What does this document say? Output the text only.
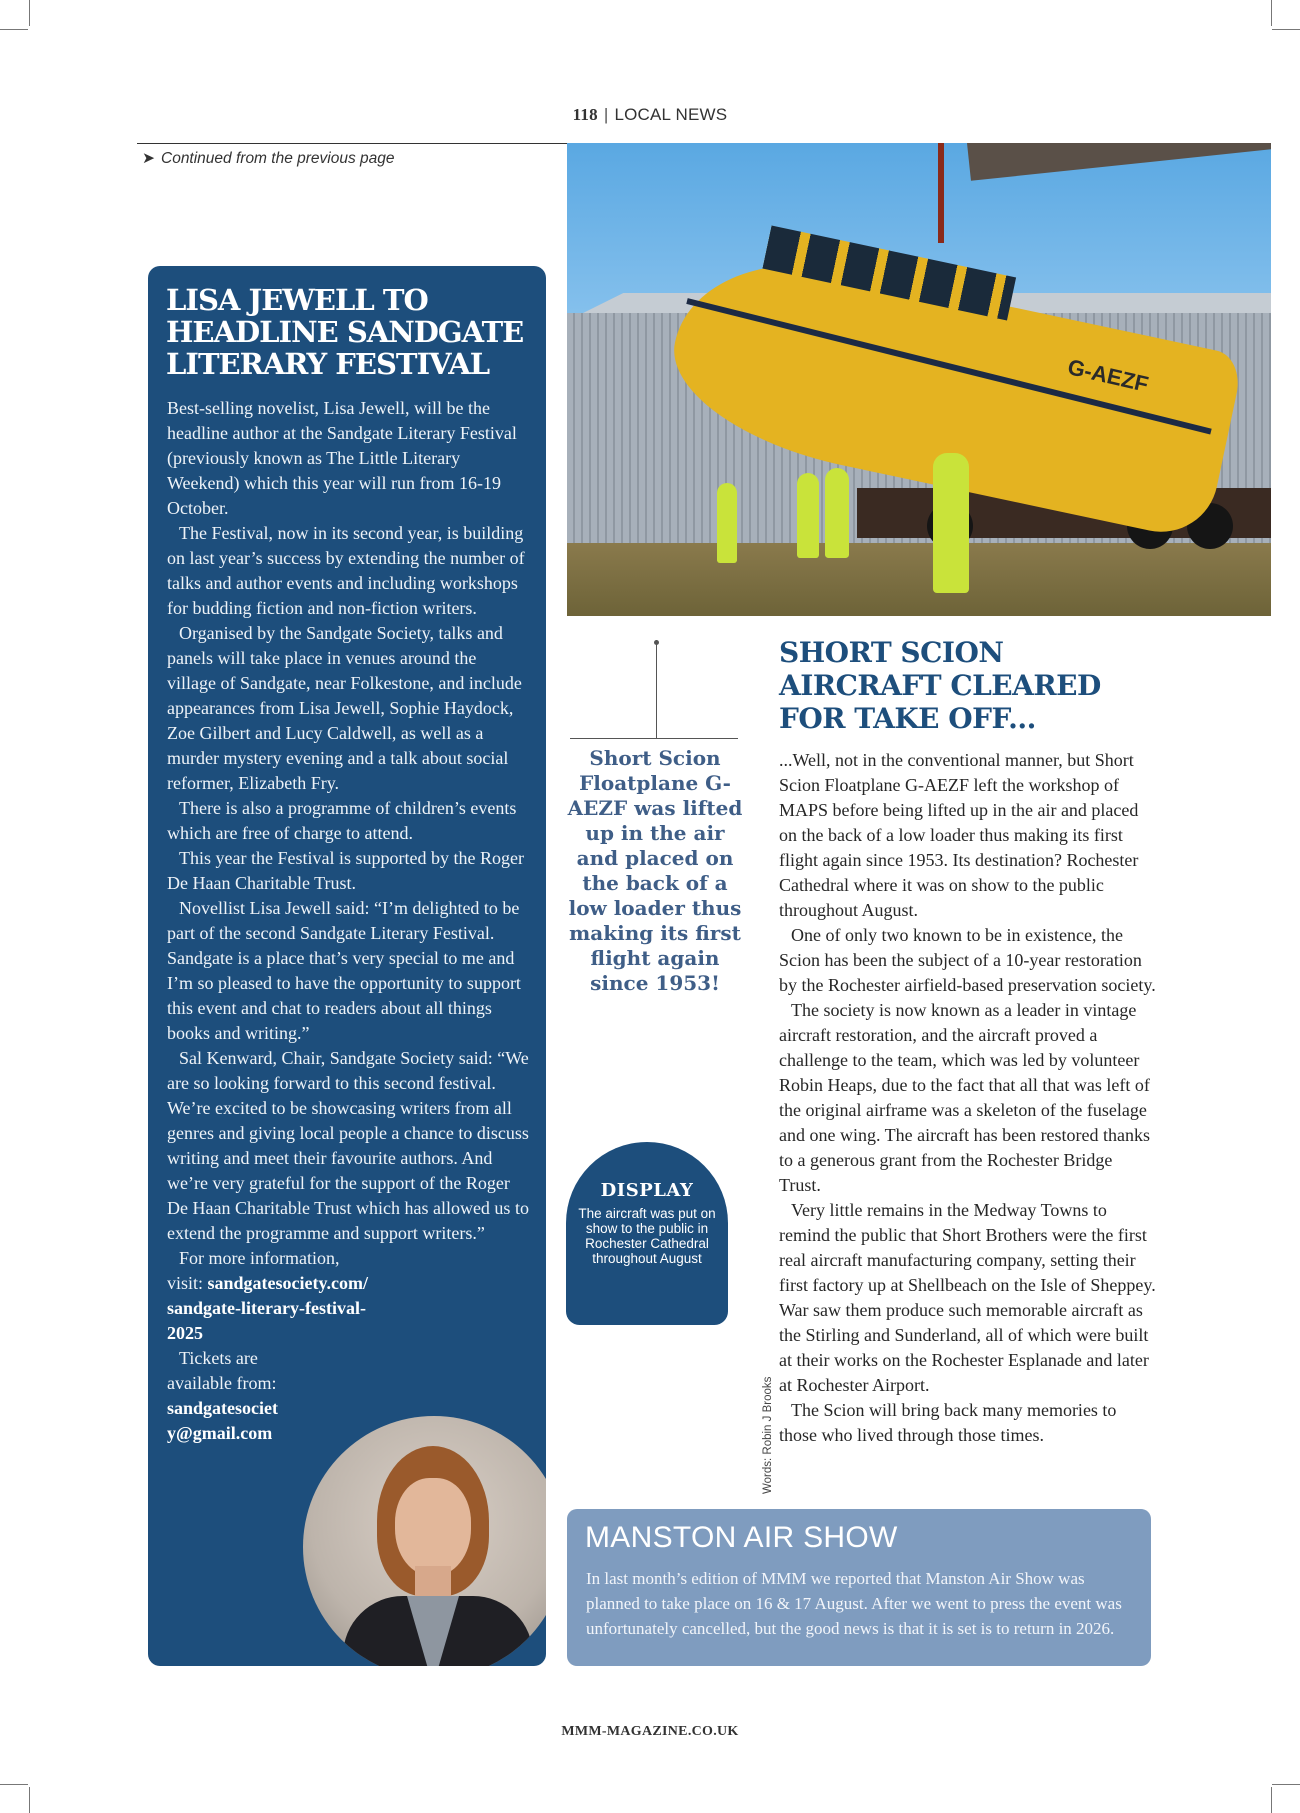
118 | LOCAL NEWS
➤ Continued from the previous page
LISA JEWELL TO HEADLINE SANDGATE LITERARY FESTIVAL

Best-selling novelist, Lisa Jewell, will be the headline author at the Sandgate Literary Festival (previously known as The Little Literary Weekend) which this year will run from 16-19 October.

The Festival, now in its second year, is building on last year’s success by extending the number of talks and author events and including workshops for budding fiction and non-fiction writers.

Organised by the Sandgate Society, talks and panels will take place in venues around the village of Sandgate, near Folkestone, and include appearances from Lisa Jewell, Sophie Haydock, Zoe Gilbert and Lucy Caldwell, as well as a murder mystery evening and a talk about social reformer, Elizabeth Fry.

There is also a programme of children’s events which are free of charge to attend.

This year the Festival is supported by the Roger De Haan Charitable Trust.

Novellist Lisa Jewell said: “I’m delighted to be part of the second Sandgate Literary Festival. Sandgate is a place that’s very special to me and I’m so pleased to have the opportunity to support this event and chat to readers about all things books and writing.”

Sal Kenward, Chair, Sandgate Society said: “We are so looking forward to this second festival. We’re excited to be showcasing writers from all genres and giving local people a chance to discuss writing and meet their favourite authors. And we’re very grateful for the support of the Roger De Haan Charitable Trust which has allowed us to extend the programme and support writers.”

For more information, visit: sandgatesociety.com/sandgate-literary-festival-2025

Tickets are available from: sandgatesociety@gmail.com

G-AEZF
Short Scion Floatplane G-AEZF was lifted up in the air and placed on the back of a low loader thus making its first flight again since 1953!
DISPLAY
The aircraft was put on show to the public in Rochester Cathedral throughout August
Words: Robin J Brooks
SHORT SCION AIRCRAFT CLEARED FOR TAKE OFF...

...Well, not in the conventional manner, but Short Scion Floatplane G-AEZF left the workshop of MAPS before being lifted up in the air and placed on the back of a low loader thus making its first flight again since 1953. Its destination? Rochester Cathedral where it was on show to the public throughout August.

One of only two known to be in existence, the Scion has been the subject of a 10-year restoration by the Rochester airfield-based preservation society.

The society is now known as a leader in vintage aircraft restoration, and the aircraft proved a challenge to the team, which was led by volunteer Robin Heaps, due to the fact that all that was left of the original airframe was a skeleton of the fuselage and one wing. The aircraft has been restored thanks to a generous grant from the Rochester Bridge Trust.

Very little remains in the Medway Towns to remind the public that Short Brothers were the first real aircraft manufacturing company, setting their first factory up at Shellbeach on the Isle of Sheppey. War saw them produce such memorable aircraft as the Stirling and Sunderland, all of which were built at their works on the Rochester Esplanade and later at Rochester Airport.

The Scion will bring back many memories to those who lived through those times.

MANSTON AIR SHOW
In last month’s edition of MMM we reported that Manston Air Show was planned to take place on 16 & 17 August. After we went to press the event was unfortunately cancelled, but the good news is that it is set is to return in 2026.
MMM-MAGAZINE.CO.UK
